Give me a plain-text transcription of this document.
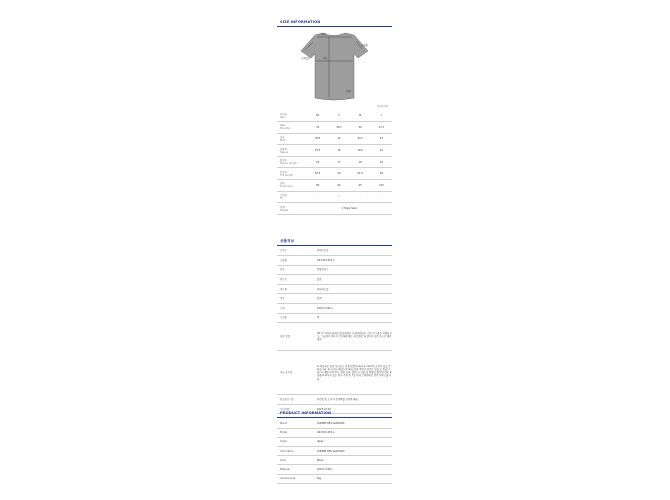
SIZE INFORMATION
어깨
소매통
가슴
총장
소매길이
단위 (cm)
사이즈
Size	XS	S	M	L

어깨
Shoulder	33	34.5	36	37.5

가슴
Bust	39.5	42	44.5	47

암홀폭
Sleeve	16.5	18	18.5	19

팔길이
Sleeve Length	16	17	18	19

총길이
Full Length	56.5	56	61.5	64

한국
Korea Size	85	90	95	100

오버핏
Fit	-	✓	-	-

무게
Weight	170g(L Size)			
상품정보
브랜드	꼼데가르송

모델명	AZ-T215-051-1

종류	반팔티셔츠

원산지	일본

제조원	꼼데가르송

색상	블랙

소재	100% Cotton

구성품	택

세탁 방법	30 ℃ 이하의 물에서 중성세제로 손세탁하세요. 건조기 사용은 피해주시고, 그늘에서 뉘어서 건조해주세요. 다림질은 뒤집어서 낮은 온도로 해주세요.

취급 유의점	※ 제공되는 실측 사이즈는 측정 방법에 따라 1~3cm의 오차가 있을 수 있습니다. ※ 모니터 해상도에 따라 실제 색상과 차이가 있을 수 있습니다. ※ 제품의 택 제거, 착용 흔적, 세탁 시 교환 및 반품이 불가합니다. ※ 상품에 하자가 있는 경우 수령 후 7일 이내 고객센터로 연락 부탁드립니다.

품질보증기준	관련법 및 소비자 분쟁해결 규정에 따름

수입연월	2023-10-16
PRODUCT INFORMATION
Brand	COMME DES GARCONS
Model	AZ-T215-051-1
Origin	Japan
Information	COMME DES GARCONS
Color	Black
Material	100% Cotton
Components	Tag
